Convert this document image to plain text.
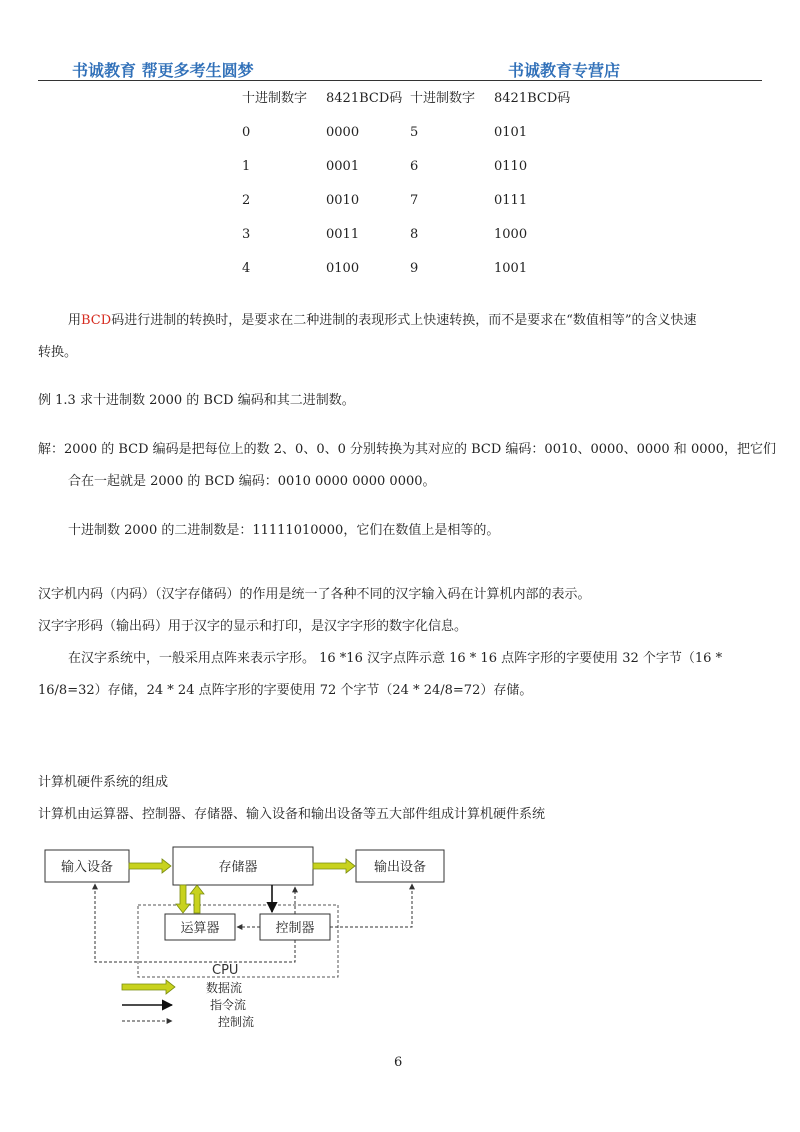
书诚教育 帮更多考生圆梦	书诚教育专营店
十进制数字 8421BCD码 十进制数字 8421BCD码
0	0000	5	0101
1	0001	6	0110
2	0010	7	0111
3	0011	8	1000
4	0100	9	1001
用BCD码进行进制的转换时，是要求在二种进制的表现形式上快速转换，而不是要求在“数值相等”的含义快速
转换。
例 1.3 求十进制数 2000 的 BCD 编码和其二进制数。
解：2000 的 BCD 编码是把每位上的数 2、0、0、0 分别转换为其对应的 BCD 编码：0010、0000、0000 和 0000，把它们
合在一起就是 2000 的 BCD 编码：0010 0000 0000 0000。
十进制数 2000 的二进制数是：11111010000，它们在数值上是相等的。
汉字机内码（内码）（汉字存储码）的作用是统一了各种不同的汉字输入码在计算机内部的表示。
汉字字形码（输出码）用于汉字的显示和打印，是汉字字形的数字化信息。
在汉字系统中，一般采用点阵来表示字形。 16 *16 汉字点阵示意 16 * 16 点阵字形的字要使用 32 个字节（16 *
16/8=32）存储，24 * 24 点阵字形的字要使用 72 个字节（24 * 24/8=72）存储。
计算机硬件系统的组成
计算机由运算器、控制器、存储器、输入设备和输出设备等五大部件组成计算机硬件系统
CPU
输入设备	存储器	输出设备
运算器	控制器
数据流
指令流
控制流
6
